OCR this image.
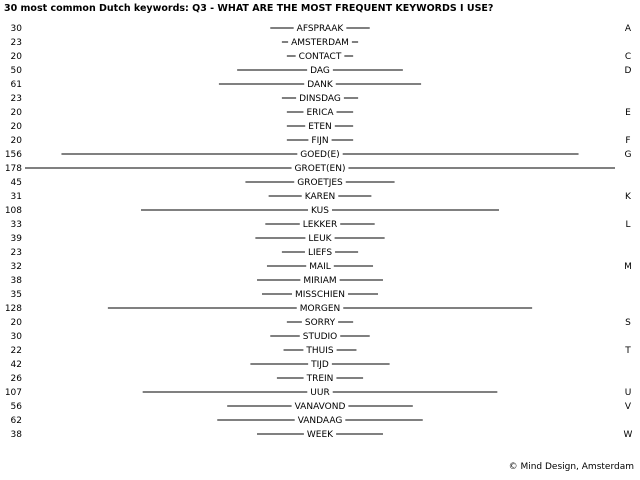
30 most common Dutch keywords: Q3 - WHAT ARE THE MOST FREQUENT KEYWORDS I USE?
30	AFSPRAAK	A
23	AMSTERDAM
20	CONTACT	C
50	DAG	D
61	DANK
23	DINSDAG
20	ERICA	E
20	ETEN
20	FIJN	F
156	GOED(E)	G
178	GROET(EN)
45	GROETJES
31	KAREN	K
108	KUS
33	LEKKER	L
39	LEUK
23	LIEFS
32	MAIL	M
38	MIRIAM
35	MISSCHIEN
128	MORGEN
20	SORRY	S
30	STUDIO
22	THUIS	T
42	TIJD
26	TREIN
107	UUR	U
56	VANAVOND	V
62	VANDAAG
38	WEEK	W
© Mind Design, Amsterdam
